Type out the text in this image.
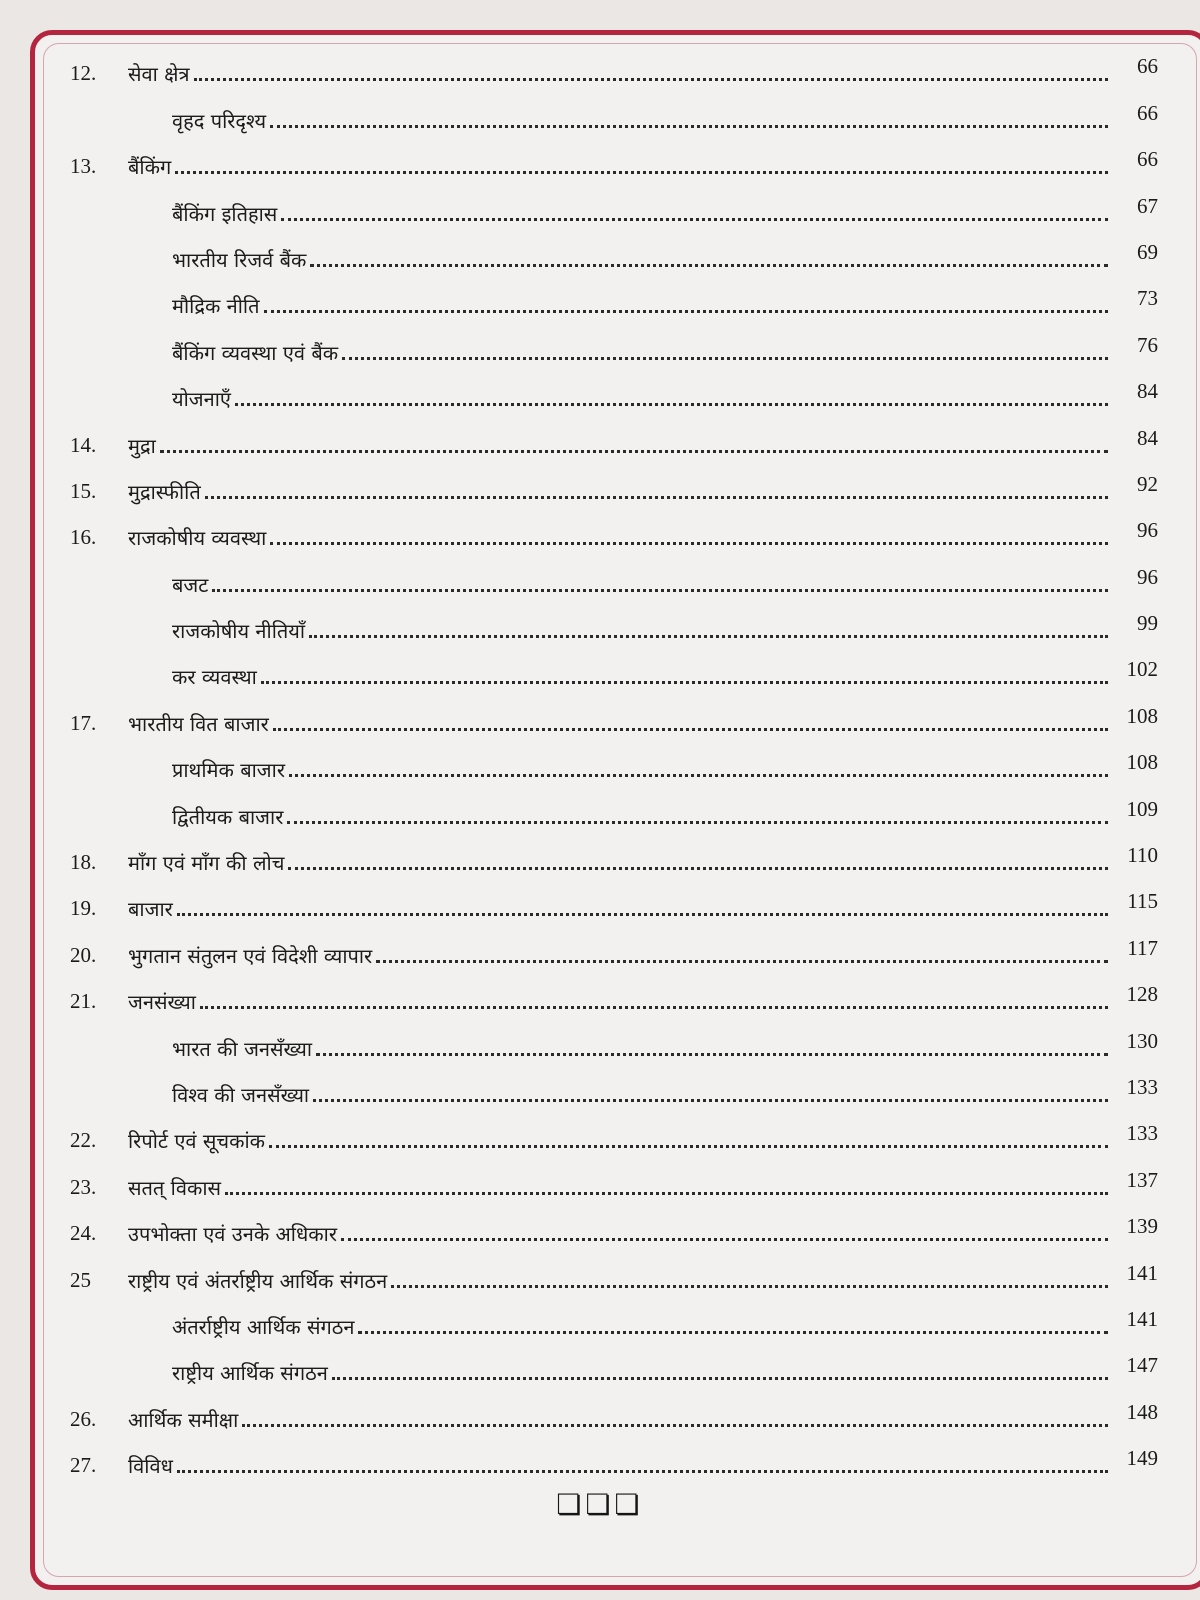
12.	सेवा क्षेत्र	66
वृहद परिदृश्य	66
13.	बैंकिंग	66
बैंकिंग इतिहास	67
भारतीय रिजर्व बैंक	69
मौद्रिक नीति	73
बैंकिंग व्यवस्था एवं बैंक	76
योजनाएँ	84
14.	मुद्रा	84
15.	मुद्रास्फीति	92
16.	राजकोषीय व्यवस्था	96
बजट	96
राजकोषीय नीतियाँ	99
कर व्यवस्था	102
17.	भारतीय वित बाजार	108
प्राथमिक बाजार	108
द्वितीयक बाजार	109
18.	माँग एवं माँग की लोच	110
19.	बाजार	115
20.	भुगतान संतुलन एवं विदेशी व्यापार	117
21.	जनसंख्या	128
भारत की जनसँख्या	130
विश्व की जनसँख्या	133
22.	रिपोर्ट एवं सूचकांक	133
23.	सतत् विकास	137
24.	उपभोक्ता एवं उनके अधिकार	139
25	राष्ट्रीय एवं अंतर्राष्ट्रीय आर्थिक संगठन	141
अंतर्राष्ट्रीय आर्थिक संगठन	141
राष्ट्रीय आर्थिक संगठन	147
26.	आर्थिक समीक्षा	148
27.	विविध	149
❏❏❏
